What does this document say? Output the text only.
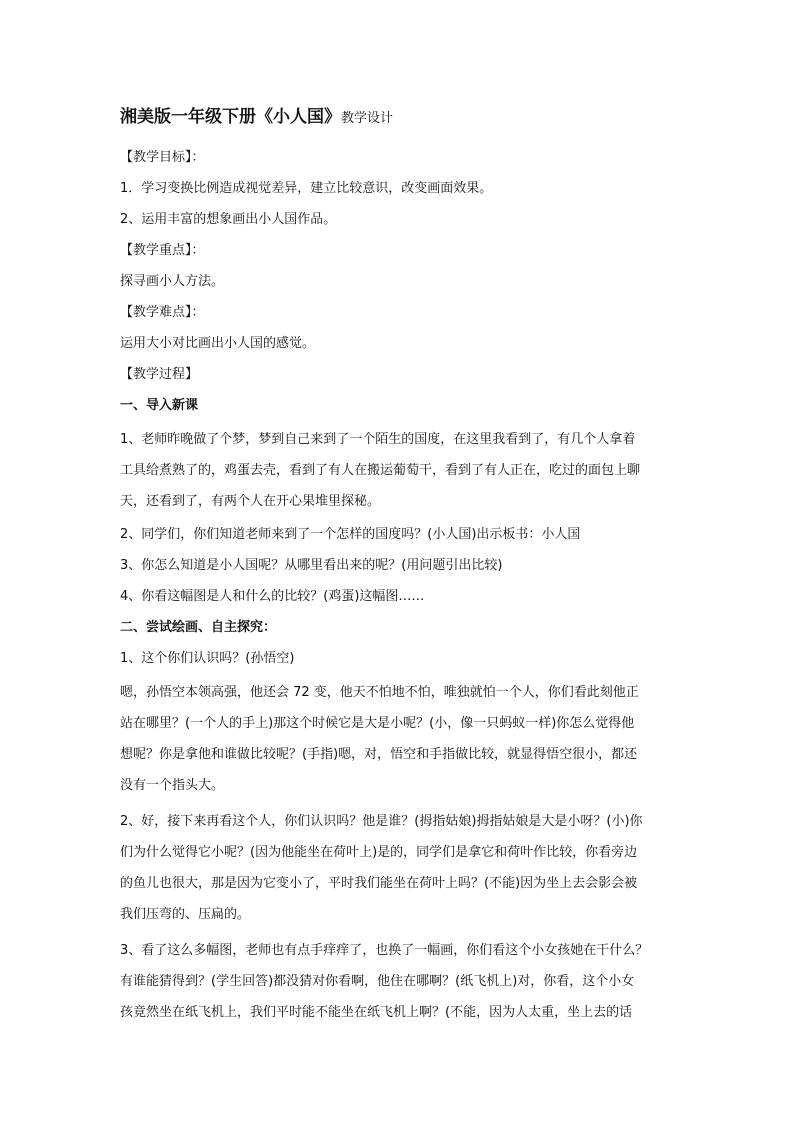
湘美版一年级下册《小人国》教学设计
【教学目标】：
1．学习变换比例造成视觉差异，建立比较意识，改变画面效果。
2、运用丰富的想象画出小人国作品。
【教学重点】：
探寻画小人方法。
【教学难点】：
运用大小对比画出小人国的感觉。
【教学过程】
一、导入新课
1、老师昨晚做了个梦，梦到自己来到了一个陌生的国度，在这里我看到了，有几个人拿着
工具给煮熟了的，鸡蛋去壳，看到了有人在搬运葡萄干，看到了有人正在，吃过的面包上聊
天，还看到了，有两个人在开心果堆里探秘。
2、同学们，你们知道老师来到了一个怎样的国度吗？(小人国)出示板书：小人国
3、你怎么知道是小人国呢？从哪里看出来的呢？(用问题引出比较)
4、你看这幅图是人和什么的比较？(鸡蛋)这幅图……
二、尝试绘画、自主探究：
1、这个你们认识吗？(孙悟空)
嗯，孙悟空本领高强，他还会 72 变，他天不怕地不怕，唯独就怕一个人，你们看此刻他正
站在哪里？(一个人的手上)那这个时候它是大是小呢？(小，像一只蚂蚁一样)你怎么觉得他
想呢？你是拿他和谁做比较呢？(手指)嗯，对，悟空和手指做比较，就显得悟空很小，都还
没有一个指头大。
2、好，接下来再看这个人，你们认识吗？他是谁？(拇指姑娘)拇指姑娘是大是小呀？(小)你
们为什么觉得它小呢？(因为他能坐在荷叶上)是的，同学们是拿它和荷叶作比较，你看旁边
的鱼儿也很大，那是因为它变小了，平时我们能坐在荷叶上吗？(不能)因为坐上去会影会被
我们压弯的、压扁的。
3、看了这么多幅图，老师也有点手痒痒了，也换了一幅画，你们看这个小女孩她在干什么？
有谁能猜得到？(学生回答)都没猜对你看啊，他住在哪啊？(纸飞机上)对，你看，这个小女
孩竟然坐在纸飞机上，我们平时能不能坐在纸飞机上啊？(不能，因为人太重，坐上去的话
